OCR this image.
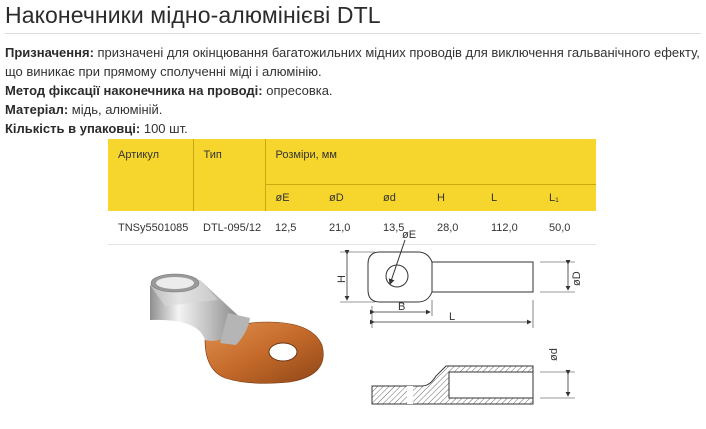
Наконечники мідно-алюмінієві DTL

Призначення: призначені для окінцювання багатожильних мідних проводів для виключення гальванічного ефекту, що виникає при прямому сполученні міді і алюмінію.

Метод фіксації наконечника на проводі: опресовка.

Матеріал: мідь, алюміній.

Кількість в упаковці: 100 шт.

Артикул	Тип	Розміри, мм					
		øE	øD	ød	H	L	L₁
TNSy5501085	DTL-095/12	12,5	21,0	13,5	28,0	112,0	50,0
øE
H	øD
B
L
ød
